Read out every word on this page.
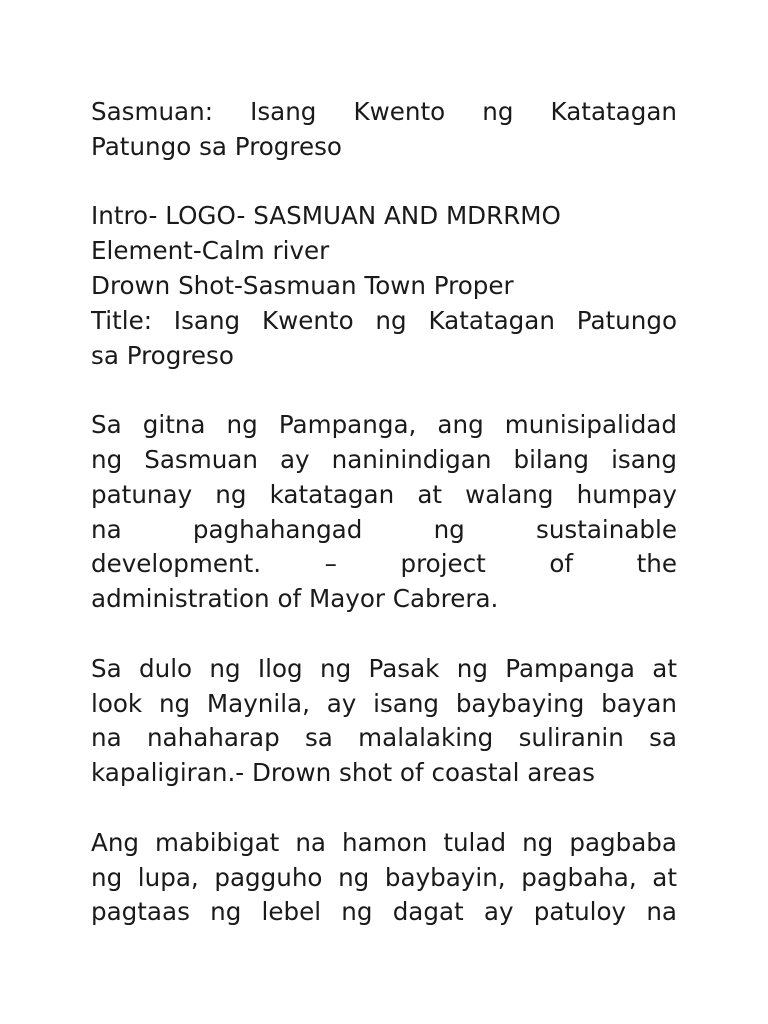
Sasmuan: Isang Kwento ng Katatagan
Patungo sa Progreso
Intro- LOGO- SASMUAN AND MDRRMO
Element-Calm river
Drown Shot-Sasmuan Town Proper
Title: Isang Kwento ng Katatagan Patungo
sa Progreso
Sa gitna ng Pampanga, ang munisipalidad
ng Sasmuan ay naninindigan bilang isang
patunay ng katatagan at walang humpay
na paghahangad ng sustainable
development. – project of the
administration of Mayor Cabrera.
Sa dulo ng Ilog ng Pasak ng Pampanga at
look ng Maynila, ay isang baybaying bayan
na nahaharap sa malalaking suliranin sa
kapaligiran.- Drown shot of coastal areas
Ang mabibigat na hamon tulad ng pagbaba
ng lupa, pagguho ng baybayin, pagbaha, at
pagtaas ng lebel ng dagat ay patuloy na
